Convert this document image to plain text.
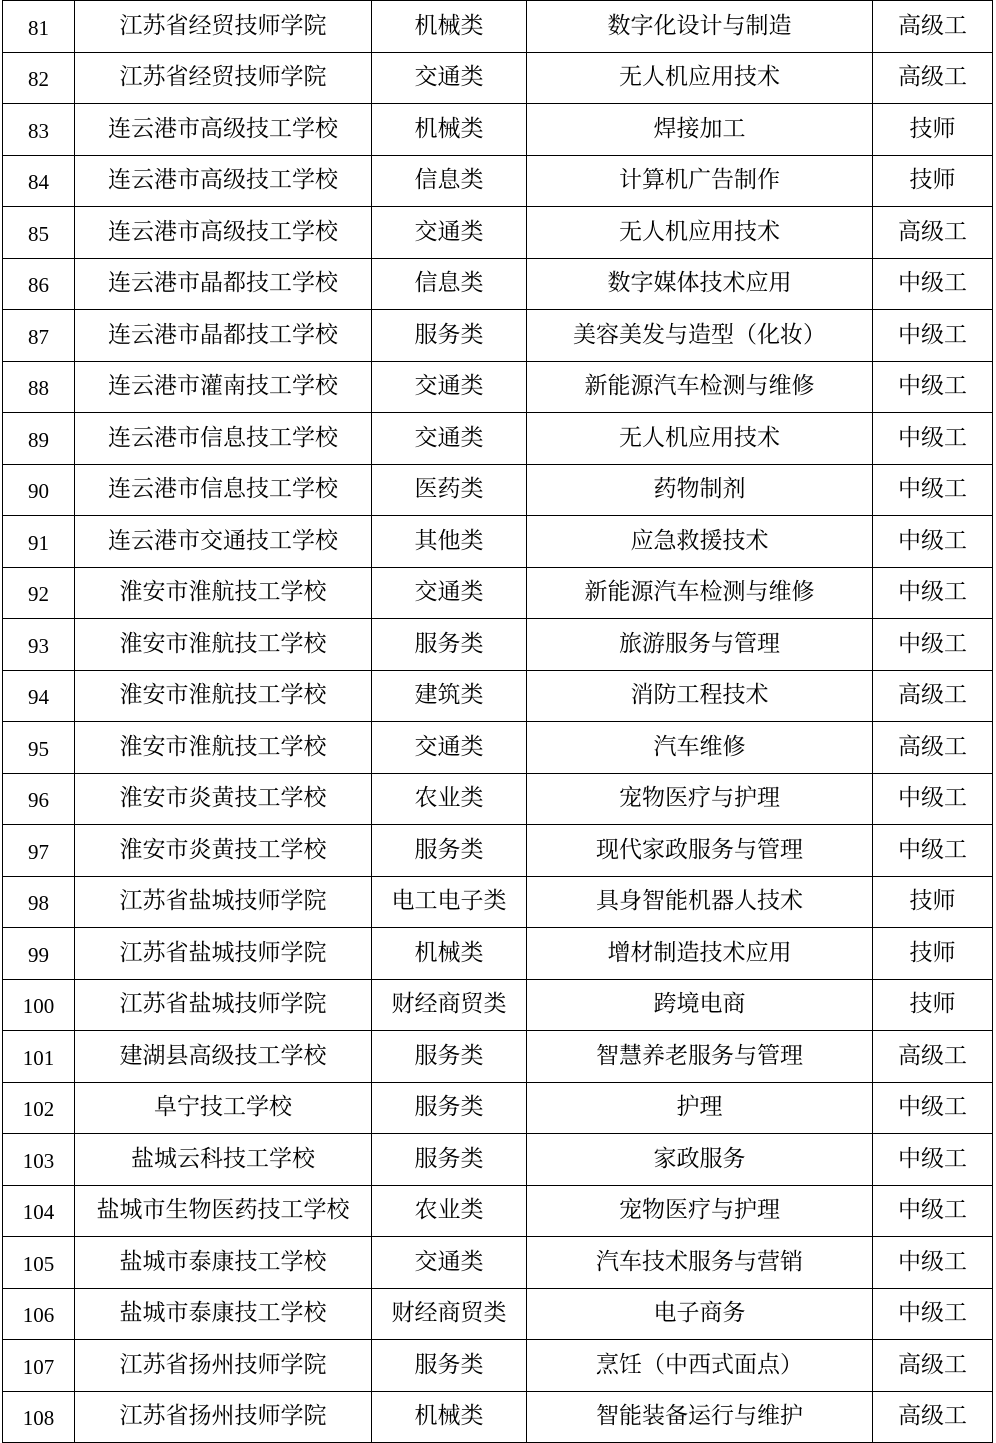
81	江苏省经贸技师学院	机械类	数字化设计与制造	高级工
82	江苏省经贸技师学院	交通类	无人机应用技术	高级工
83	连云港市高级技工学校	机械类	焊接加工	技师
84	连云港市高级技工学校	信息类	计算机广告制作	技师
85	连云港市高级技工学校	交通类	无人机应用技术	高级工
86	连云港市晶都技工学校	信息类	数字媒体技术应用	中级工
87	连云港市晶都技工学校	服务类	美容美发与造型（化妆）	中级工
88	连云港市灌南技工学校	交通类	新能源汽车检测与维修	中级工
89	连云港市信息技工学校	交通类	无人机应用技术	中级工
90	连云港市信息技工学校	医药类	药物制剂	中级工
91	连云港市交通技工学校	其他类	应急救援技术	中级工
92	淮安市淮航技工学校	交通类	新能源汽车检测与维修	中级工
93	淮安市淮航技工学校	服务类	旅游服务与管理	中级工
94	淮安市淮航技工学校	建筑类	消防工程技术	高级工
95	淮安市淮航技工学校	交通类	汽车维修	高级工
96	淮安市炎黄技工学校	农业类	宠物医疗与护理	中级工
97	淮安市炎黄技工学校	服务类	现代家政服务与管理	中级工
98	江苏省盐城技师学院	电工电子类	具身智能机器人技术	技师
99	江苏省盐城技师学院	机械类	增材制造技术应用	技师
100	江苏省盐城技师学院	财经商贸类	跨境电商	技师
101	建湖县高级技工学校	服务类	智慧养老服务与管理	高级工
102	阜宁技工学校	服务类	护理	中级工
103	盐城云科技工学校	服务类	家政服务	中级工
104	盐城市生物医药技工学校	农业类	宠物医疗与护理	中级工
105	盐城市泰康技工学校	交通类	汽车技术服务与营销	中级工
106	盐城市泰康技工学校	财经商贸类	电子商务	中级工
107	江苏省扬州技师学院	服务类	烹饪（中西式面点）	高级工
108	江苏省扬州技师学院	机械类	智能装备运行与维护	高级工
